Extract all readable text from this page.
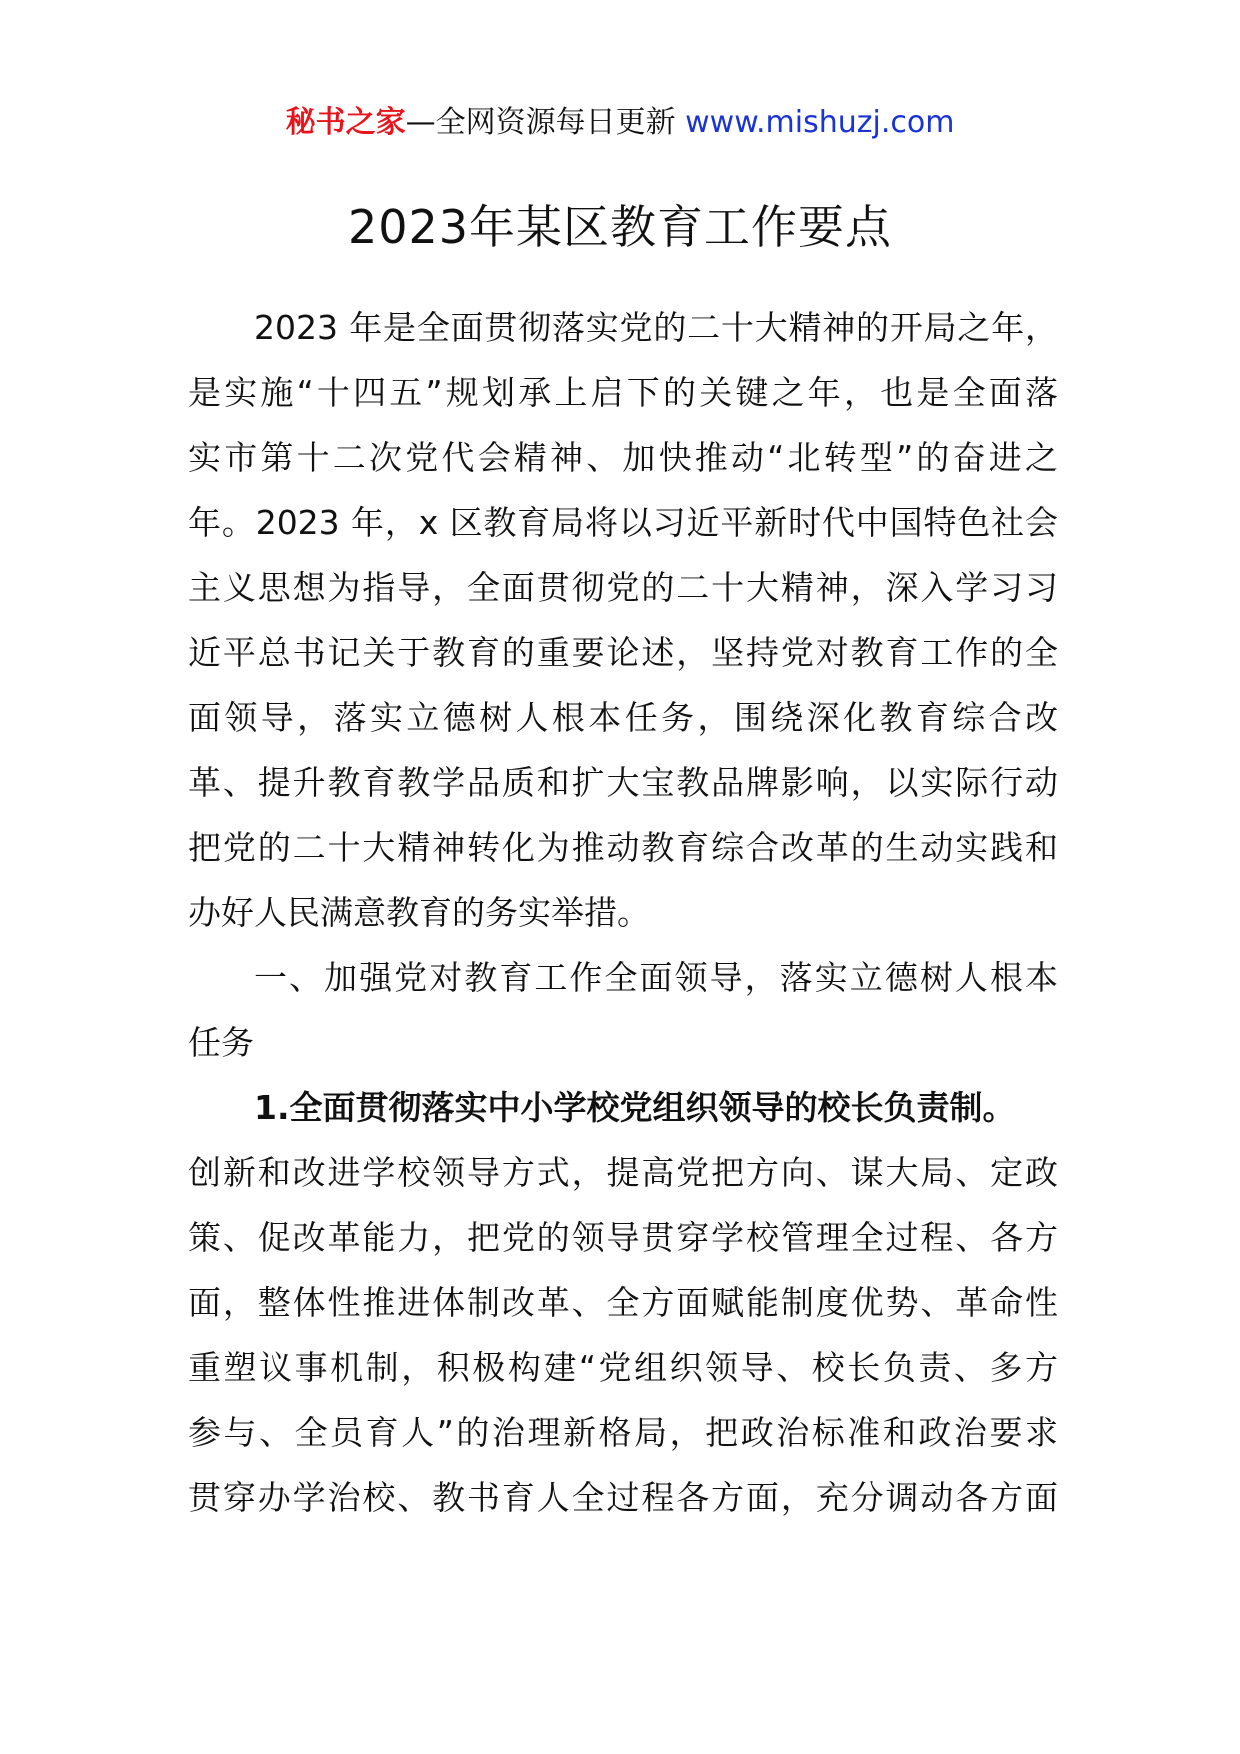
秘书之家—全网资源每日更新 www.mishuzj.com
2023年某区教育工作要点
2023 年是全面贯彻落实党的二十大精神的开局之年，
是实施“十四五”规划承上启下的关键之年，也是全面落
实市第十二次党代会精神、加快推动“北转型”的奋进之
年。2023 年，x 区教育局将以习近平新时代中国特色社会
主义思想为指导，全面贯彻党的二十大精神，深入学习习
近平总书记关于教育的重要论述，坚持党对教育工作的全
面领导，落实立德树人根本任务，围绕深化教育综合改
革、提升教育教学品质和扩大宝教品牌影响，以实际行动
把党的二十大精神转化为推动教育综合改革的生动实践和
办好人民满意教育的务实举措。
一、加强党对教育工作全面领导，落实立德树人根本
任务
1.全面贯彻落实中小学校党组织领导的校长负责制。
创新和改进学校领导方式，提高党把方向、谋大局、定政
策、促改革能力，把党的领导贯穿学校管理全过程、各方
面，整体性推进体制改革、全方面赋能制度优势、革命性
重塑议事机制，积极构建“党组织领导、校长负责、多方
参与、全员育人”的治理新格局，把政治标准和政治要求
贯穿办学治校、教书育人全过程各方面，充分调动各方面
